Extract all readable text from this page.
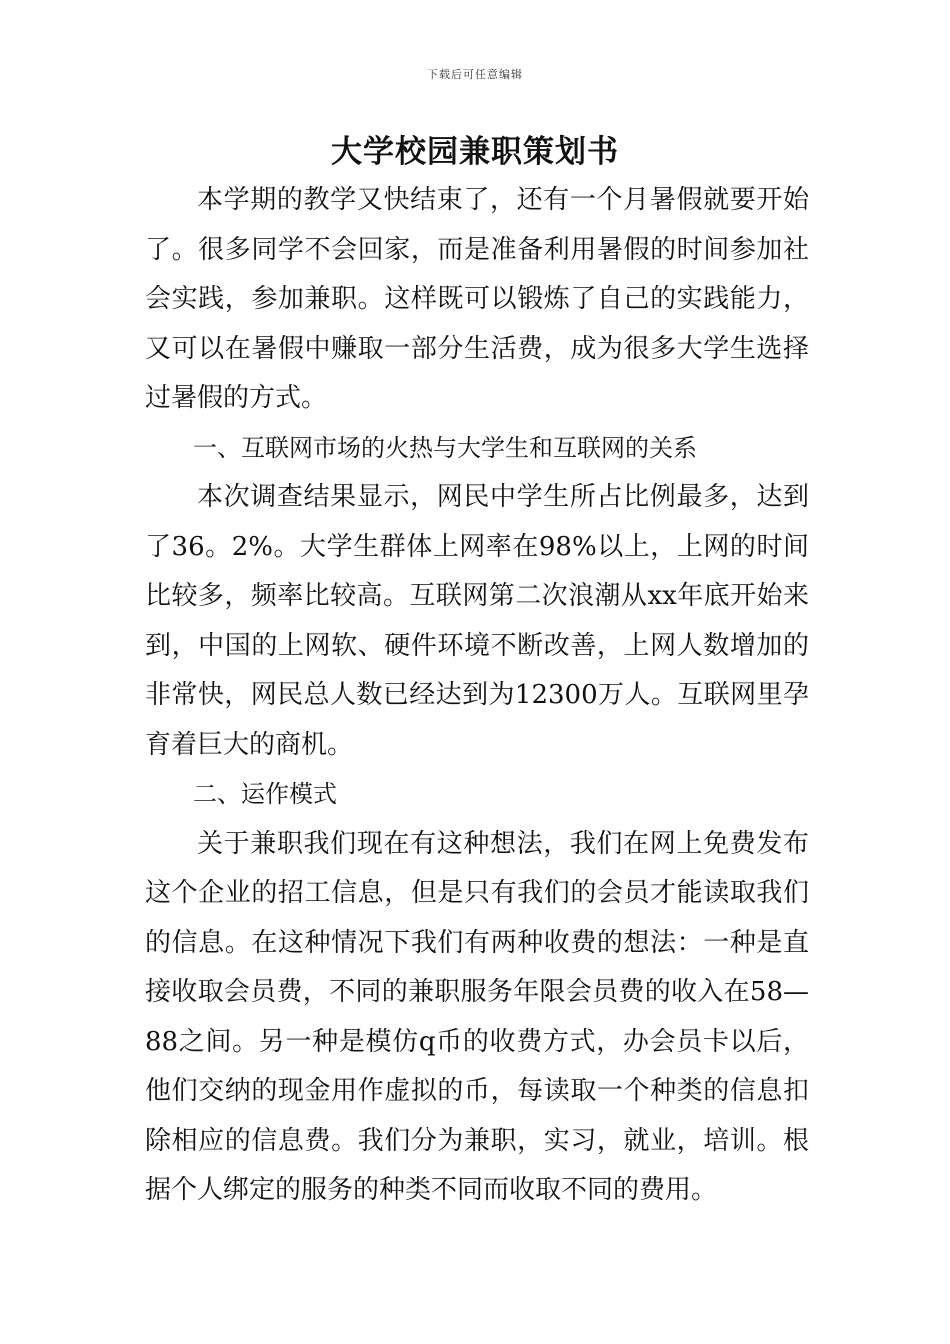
下载后可任意编辑
大学校园兼职策划书

本学期的教学又快结束了，还有一个月暑假就要开始了。很多同学不会回家，而是准备利用暑假的时间参加社会实践，参加兼职。这样既可以锻炼了自己的实践能力，又可以在暑假中赚取一部分生活费，成为很多大学生选择过暑假的方式。

一、互联网市场的火热与大学生和互联网的关系

本次调查结果显示，网民中学生所占比例最多，达到了36。2%。大学生群体上网率在98%以上，上网的时间比较多，频率比较高。互联网第二次浪潮从xx年底开始来到，中国的上网软、硬件环境不断改善，上网人数增加的非常快，网民总人数已经达到为12300万人。互联网里孕育着巨大的商机。

二、运作模式

关于兼职我们现在有这种想法，我们在网上免费发布这个企业的招工信息，但是只有我们的会员才能读取我们的信息。在这种情况下我们有两种收费的想法：一种是直接收取会员费，不同的兼职服务年限会员费的收入在58—88之间。另一种是模仿q币的收费方式，办会员卡以后，他们交纳的现金用作虚拟的币，每读取一个种类的信息扣除相应的信息费。我们分为兼职，实习，就业，培训。根据个人绑定的服务的种类不同而收取不同的费用。
